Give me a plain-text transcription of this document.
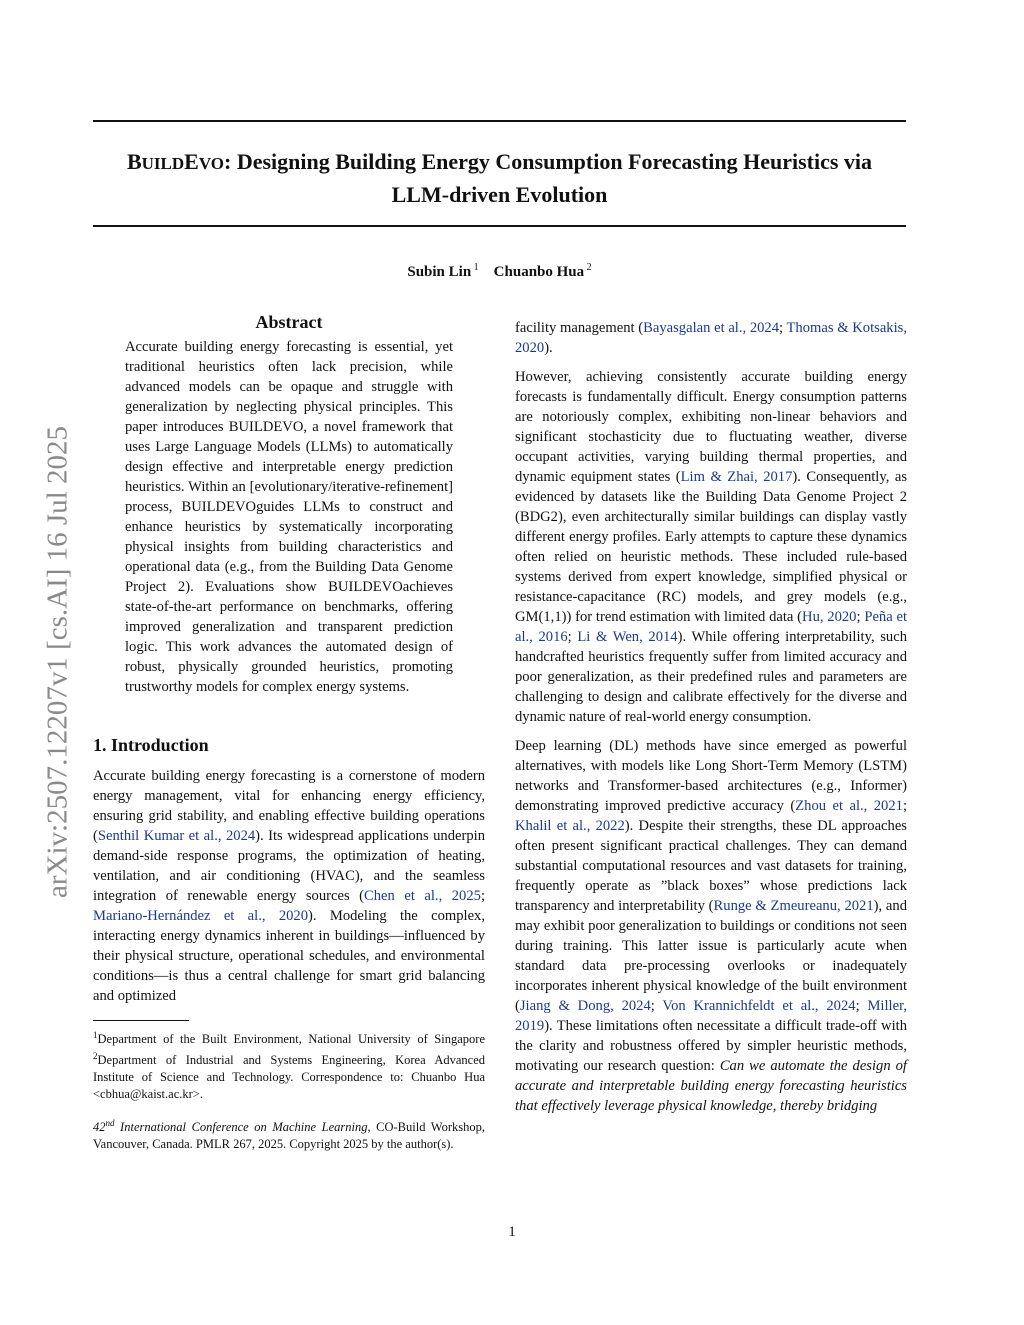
BUILDEVO: Designing Building Energy Consumption Forecasting Heuristics via
LLM-driven Evolution
Subin Lin $^1$ Chuanbo Hua $^2$
arXiv:2507.12207v1 [cs.AI] 16 Jul 2025
Abstract

Accurate building energy forecasting is essential, yet traditional heuristics often lack precision, while advanced models can be opaque and struggle with generalization by neglecting physical principles. This paper introduces BUILDEVO, a novel framework that uses Large Language Models (LLMs) to automatically design effective and interpretable energy prediction heuristics. Within an [evolutionary/iterative-refinement] process, BUILDEVOguides LLMs to construct and enhance heuristics by systematically incorporating physical insights from building characteristics and operational data (e.g., from the Building Data Genome Project 2). Evaluations show BUILDEVOachieves state-of-the-art performance on benchmarks, offering improved generalization and transparent prediction logic. This work advances the automated design of robust, physically grounded heuristics, promoting trustworthy models for complex energy systems.

1. Introduction

Accurate building energy forecasting is a cornerstone of modern energy management, vital for enhancing energy efficiency, ensuring grid stability, and enabling effective building operations (Senthil Kumar et al., 2024). Its widespread applications underpin demand-side response programs, the optimization of heating, ventilation, and air conditioning (HVAC), and the seamless integration of renewable energy sources (Chen et al., 2025; Mariano-Hernández et al., 2020). Modeling the complex, interacting energy dynamics inherent in buildings—influenced by their physical structure, operational schedules, and environmental conditions—is thus a central challenge for smart grid balancing and optimized

$^1$Department of the Built Environment, National University of Singapore $^2$Department of Industrial and Systems Engineering, Korea Advanced Institute of Science and Technology. Correspondence to: Chuanbo Hua <cbhua@kaist.ac.kr>.

42nd International Conference on Machine Learning, CO-Build Workshop, Vancouver, Canada. PMLR 267, 2025. Copyright 2025 by the author(s).

facility management (Bayasgalan et al., 2024; Thomas & Kotsakis, 2020).

However, achieving consistently accurate building energy forecasts is fundamentally difficult. Energy consumption patterns are notoriously complex, exhibiting non-linear behaviors and significant stochasticity due to fluctuating weather, diverse occupant activities, varying building thermal properties, and dynamic equipment states (Lim & Zhai, 2017). Consequently, as evidenced by datasets like the Building Data Genome Project 2 (BDG2), even architecturally similar buildings can display vastly different energy profiles. Early attempts to capture these dynamics often relied on heuristic methods. These included rule-based systems derived from expert knowledge, simplified physical or resistance-capacitance (RC) models, and grey models (e.g., GM(1,1)) for trend estimation with limited data (Hu, 2020; Peña et al., 2016; Li & Wen, 2014). While offering interpretability, such handcrafted heuristics frequently suffer from limited accuracy and poor generalization, as their predefined rules and parameters are challenging to design and calibrate effectively for the diverse and dynamic nature of real-world energy consumption.

Deep learning (DL) methods have since emerged as powerful alternatives, with models like Long Short-Term Memory (LSTM) networks and Transformer-based architectures (e.g., Informer) demonstrating improved predictive accuracy (Zhou et al., 2021; Khalil et al., 2022). Despite their strengths, these DL approaches often present significant practical challenges. They can demand substantial computational resources and vast datasets for training, frequently operate as ”black boxes” whose predictions lack transparency and interpretability (Runge & Zmeureanu, 2021), and may exhibit poor generalization to buildings or conditions not seen during training. This latter issue is particularly acute when standard data pre-processing overlooks or inadequately incorporates inherent physical knowledge of the built environment (Jiang & Dong, 2024; Von Krannichfeldt et al., 2024; Miller, 2019). These limitations often necessitate a difficult trade-off with the clarity and robustness offered by simpler heuristic methods, motivating our research question: Can we automate the design of accurate and interpretable building energy forecasting heuristics that effectively leverage physical knowledge, thereby bridging

1
